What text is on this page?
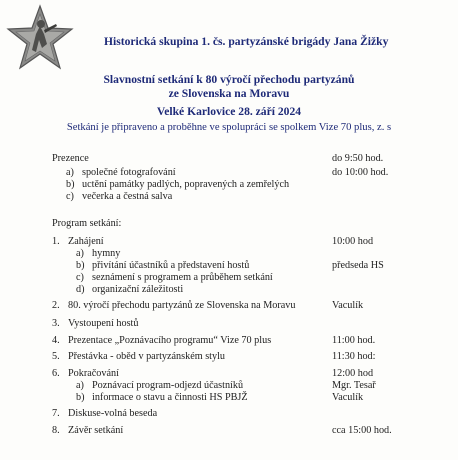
Historická skupina 1. čs. partyzánské brigády Jana Žižky
Slavnostní setkání k 80 výročí přechodu partyzánů
ze Slovenska na Moravu
Velké Karlovice 28. září 2024
Setkání je připraveno a proběhne ve spolupráci se spolkem Vize 70 plus, z. s
Prezence	do 9:50 hod.
a) společné fotografování	do 10:00 hod.
b) uctění památky padlých, popravených a zemřelých
c) večerka a čestná salva
Program setkání:
1. Zahájení	10:00 hod
a) hymny
b) přivítání účastníků a představení hostů	předseda HS
c) seznámení s programem a průběhem setkání
d) organizační záležitosti
2. 80. výročí přechodu partyzánů ze Slovenska na Moravu	Vaculík
3. Vystoupení hostů
4. Prezentace „Poznávacího programu“ Vize 70 plus	11:00 hod.
5. Přestávka - oběd v partyzánském stylu	11:30 hod:
6. Pokračování	12:00 hod
a) Poznávací program-odjezd účastníků	Mgr. Tesař
b) informace o stavu a činnosti HS PBJŽ	Vaculík
7. Diskuse-volná beseda
8. Závěr setkání	cca 15:00 hod.
